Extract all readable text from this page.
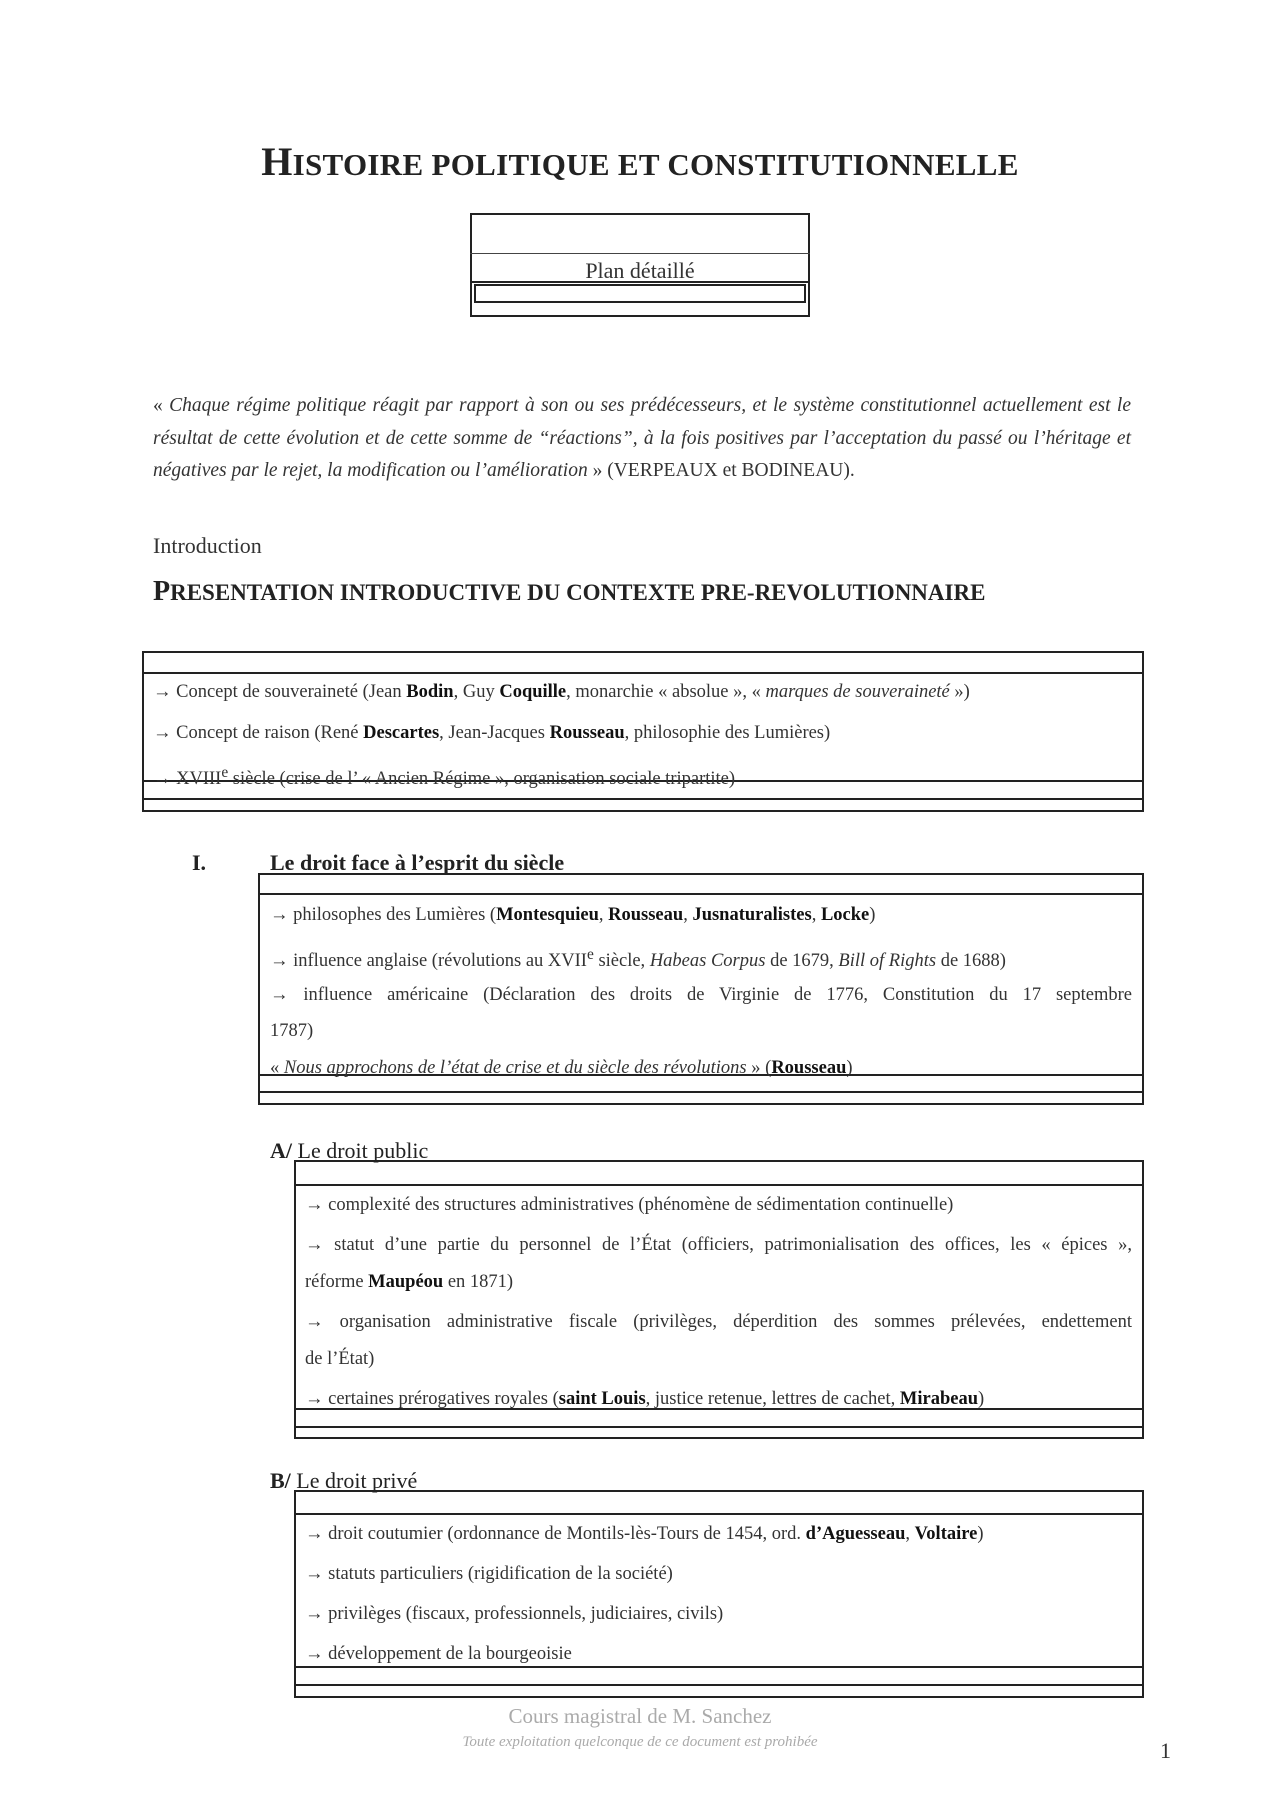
HISTOIRE POLITIQUE ET CONSTITUTIONNELLE
Plan détaillé
« Chaque régime politique réagit par rapport à son ou ses prédécesseurs, et le système constitutionnel actuellement est le résultat de cette évolution et de cette somme de “réactions”, à la fois positives par l’acceptation du passé ou l’héritage et négatives par le rejet, la modification ou l’amélioration » (VERPEAUX et BODINEAU).
Introduction
PRESENTATION INTRODUCTIVE DU CONTEXTE PRE-REVOLUTIONNAIRE
→ Concept de souveraineté (Jean Bodin, Guy Coquille, monarchie « absolue », « marques de souveraineté »)
→ Concept de raison (René Descartes, Jean-Jacques Rousseau, philosophie des Lumières)
→ $XVIII^e$ siècle (crise de l’ « Ancien Régime », organisation sociale tripartite)
I.	Le droit face à l’esprit du siècle
→ philosophes des Lumières (Montesquieu, Rousseau, Jusnaturalistes, Locke)
→ influence anglaise (révolutions au XVIIe siècle, Habeas Corpus de 1679, Bill of Rights de 1688)
→ influence américaine (Déclaration des droits de Virginie de 1776, Constitution du 17 septembre
1787)
« Nous approchons de l’état de crise et du siècle des révolutions » (Rousseau)
A/ Le droit public
→ complexité des structures administratives (phénomène de sédimentation continuelle)
→ statut d’une partie du personnel de l’État (officiers, patrimonialisation des offices, les « épices »,
réforme Maupéou en 1871)
→ organisation administrative fiscale (privilèges, déperdition des sommes prélevées, endettement
de l’État)
→ certaines prérogatives royales (saint Louis, justice retenue, lettres de cachet, Mirabeau)
B/ Le droit privé
→ droit coutumier (ordonnance de Montils-lès-Tours de 1454, ord. d’Aguesseau, Voltaire)
→ statuts particuliers (rigidification de la société)
→ privilèges (fiscaux, professionnels, judiciaires, civils)
→ développement de la bourgeoisie
Cours magistral de M. Sanchez
Toute exploitation quelconque de ce document est prohibée	1
